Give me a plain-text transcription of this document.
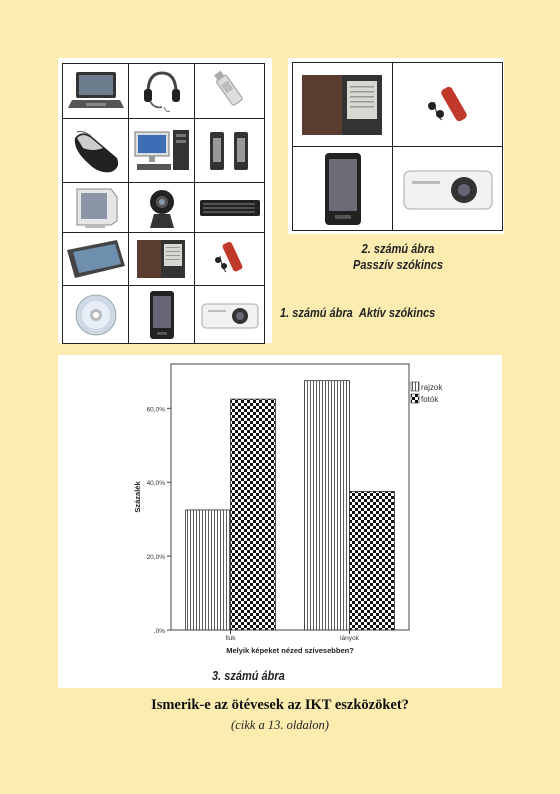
1. számú ábra Aktív szókincs
2. számú ábra
Passzív szókincs
,0%
20,0%
40,0%
60,0%
Százalék
fiúk	lányok
Melyik képeket nézed szívesebben?
rajzok
fotók
3. számú ábra
Ismerik-e az ötévesek az IKT eszközöket?
(cikk a 13. oldalon)
